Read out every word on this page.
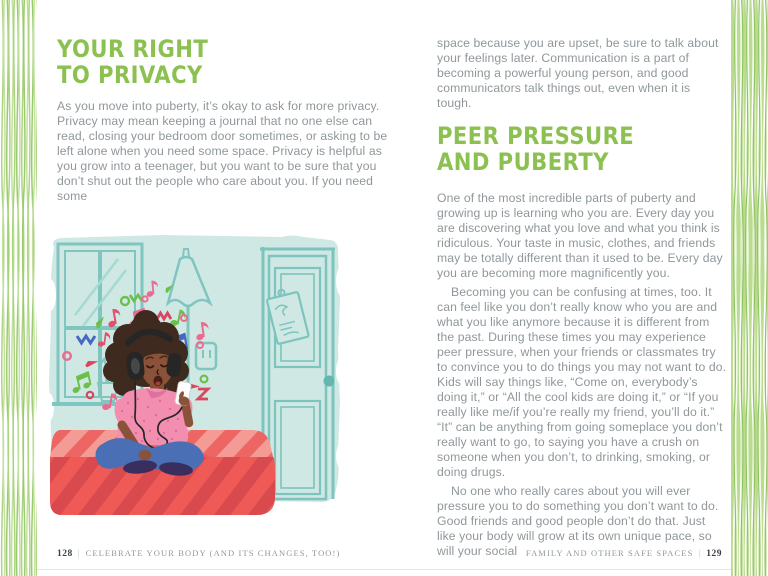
YOUR RIGHT
TO PRIVACY

As you move into puberty, it’s okay to ask for more privacy. Privacy may mean keeping a journal that no one else can read, closing your bedroom door sometimes, or asking to be left alone when you need some space. Privacy is helpful as you grow into a teenager, but you want to be sure that you don’t shut out the people who care about you. If you need some

128 | CELEBRATE YOUR BODY (AND ITS CHANGES, TOO!)

space because you are upset, be sure to talk about your feelings later. Communication is a part of becoming a powerful young person, and good communicators talk things out, even when it is tough.

PEER PRESSURE
AND PUBERTY

One of the most incredible parts of puberty and growing up is learning who you are. Every day you are discovering what you love and what you think is ridiculous. Your taste in music, clothes, and friends may be totally different than it used to be. Every day you are becoming more magnificently you.

Becoming you can be confusing at times, too. It can feel like you don’t really know who you are and what you like anymore because it is different from the past. During these times you may experience peer pressure, when your friends or classmates try to convince you to do things you may not want to do. Kids will say things like, “Come on, everybody’s doing it,” or “All the cool kids are doing it,” or “If you really like me/if you’re really my friend, you’ll do it.” “It” can be anything from going someplace you don’t really want to go, to saying you have a crush on someone when you don’t, to drinking, smoking, or doing drugs.

No one who really cares about you will ever pressure you to do something you don’t want to do. Good friends and good people don’t do that. Just like your body will grow at its own unique pace, so will your social	FAMILY AND OTHER SAFE SPACES | 129
